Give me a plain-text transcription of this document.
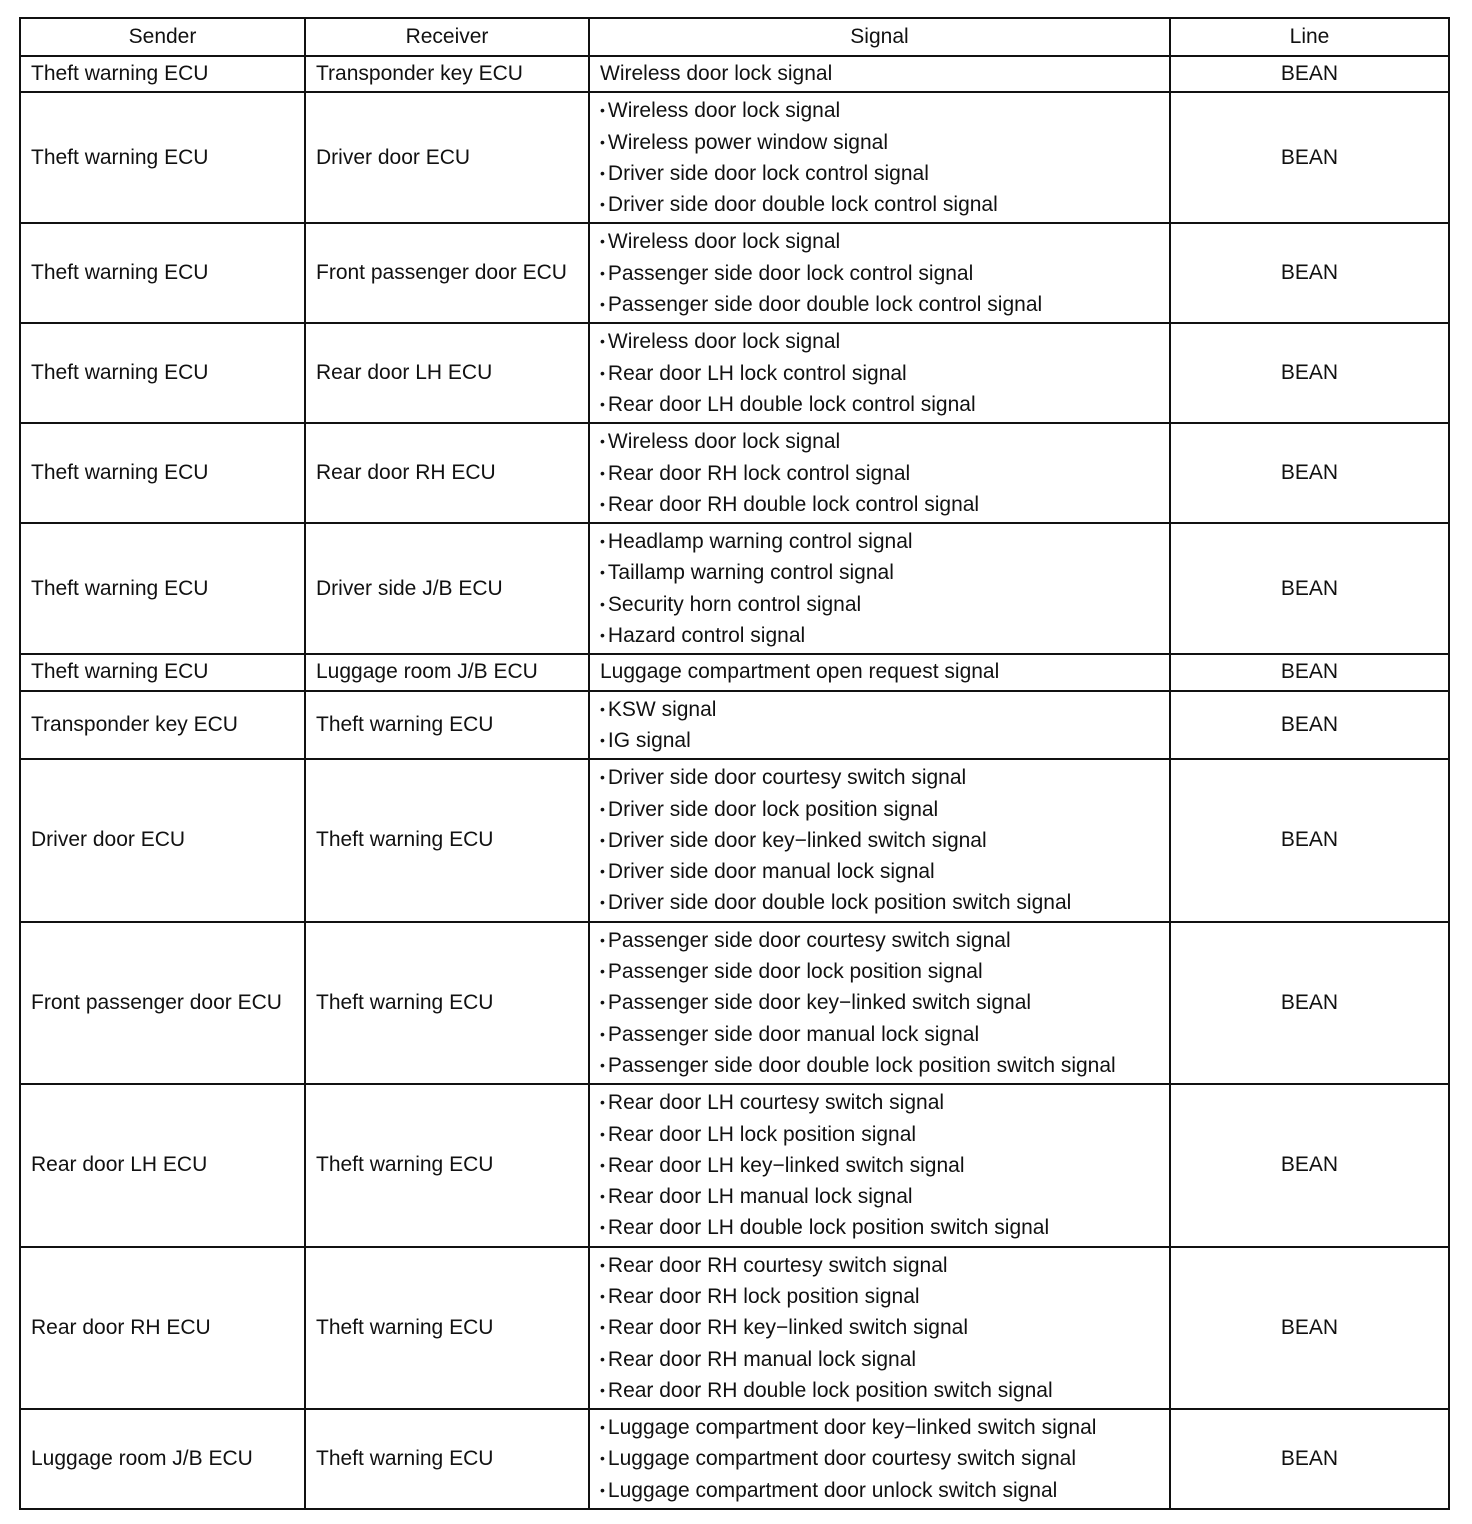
Sender	Receiver	Signal	Line
Theft warning ECU	Transponder key ECU	Wireless door lock signal	BEAN
Theft warning ECU	Driver door ECU	• Wireless door lock signal
• Wireless power window signal
• Driver side door lock control signal
• Driver side door double lock control signal	BEAN
Theft warning ECU	Front passenger door ECU	• Wireless door lock signal
• Passenger side door lock control signal
• Passenger side door double lock control signal	BEAN
Theft warning ECU	Rear door LH ECU	• Wireless door lock signal
• Rear door LH lock control signal
• Rear door LH double lock control signal	BEAN
Theft warning ECU	Rear door RH ECU	• Wireless door lock signal
• Rear door RH lock control signal
• Rear door RH double lock control signal	BEAN
Theft warning ECU	Driver side J/B ECU	• Headlamp warning control signal
• Taillamp warning control signal
• Security horn control signal
• Hazard control signal	BEAN
Theft warning ECU	Luggage room J/B ECU	Luggage compartment open request signal	BEAN
Transponder key ECU	Theft warning ECU	• KSW signal
• IG signal	BEAN
Driver door ECU	Theft warning ECU	• Driver side door courtesy switch signal
• Driver side door lock position signal
• Driver side door key−linked switch signal
• Driver side door manual lock signal
• Driver side door double lock position switch signal	BEAN
Front passenger door ECU	Theft warning ECU	• Passenger side door courtesy switch signal
• Passenger side door lock position signal
• Passenger side door key−linked switch signal
• Passenger side door manual lock signal
• Passenger side door double lock position switch signal	BEAN
Rear door LH ECU	Theft warning ECU	• Rear door LH courtesy switch signal
• Rear door LH lock position signal
• Rear door LH key−linked switch signal
• Rear door LH manual lock signal
• Rear door LH double lock position switch signal	BEAN
Rear door RH ECU	Theft warning ECU	• Rear door RH courtesy switch signal
• Rear door RH lock position signal
• Rear door RH key−linked switch signal
• Rear door RH manual lock signal
• Rear door RH double lock position switch signal	BEAN
Luggage room J/B ECU	Theft warning ECU	• Luggage compartment door key−linked switch signal
• Luggage compartment door courtesy switch signal
• Luggage compartment door unlock switch signal	BEAN
